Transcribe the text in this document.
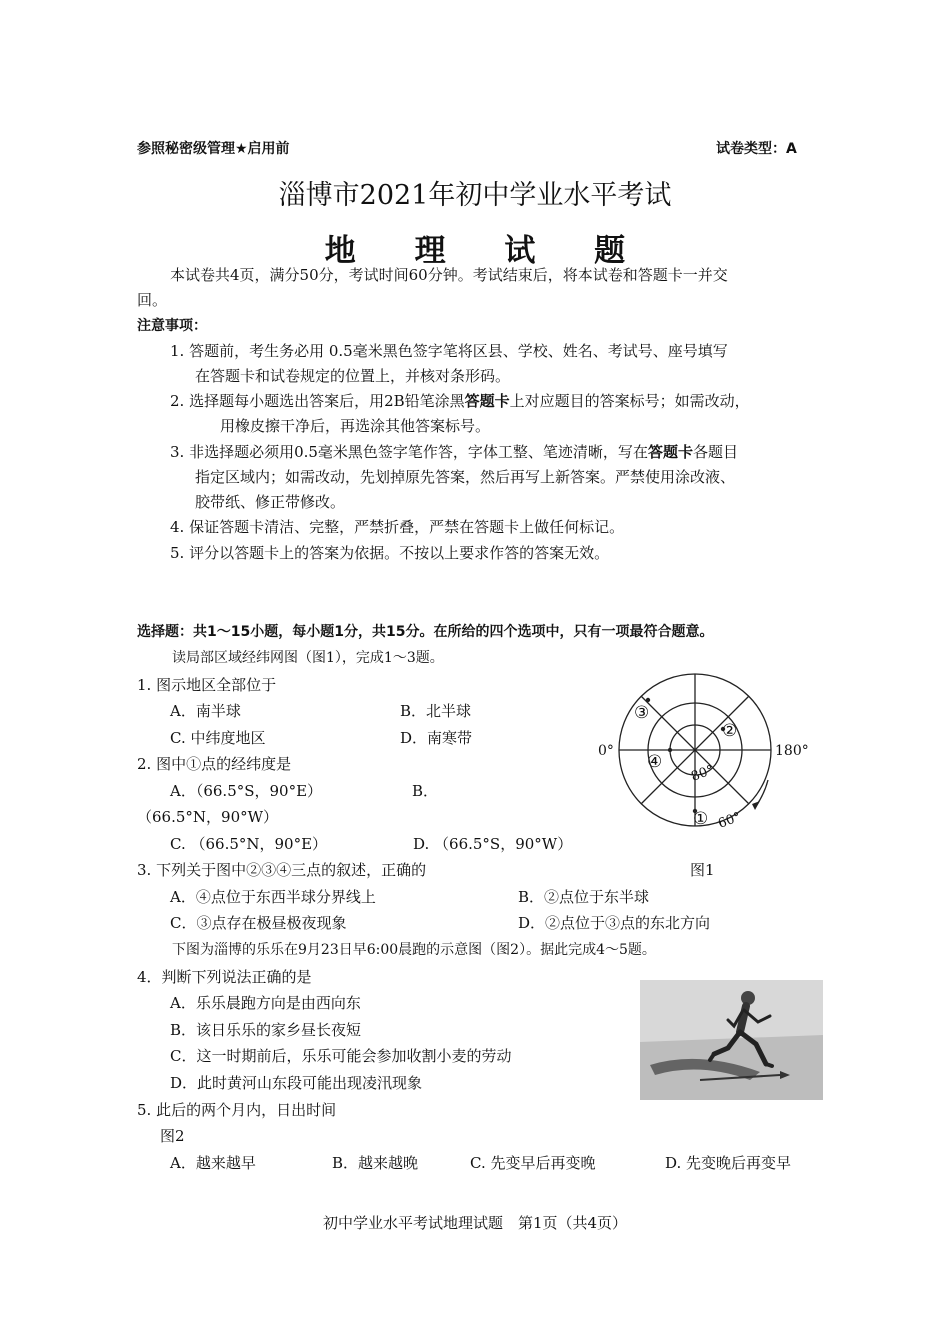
参照秘密级管理★启用前	试卷类型：A
淄博市2021年初中学业水平考试
地 理 试 题
本试卷共4页，满分50分，考试时间60分钟。考试结束后，将本试卷和答题卡一并交
回。
注意事项：
1. 答题前，考生务必用 0.5毫米黑色签字笔将区县、学校、姓名、考试号、座号填写
在答题卡和试卷规定的位置上，并核对条形码。
2. 选择题每小题选出答案后，用2B铅笔涂黑答题卡上对应题目的答案标号；如需改动，
用橡皮擦干净后，再选涂其他答案标号。
3. 非选择题必须用0.5毫米黑色签字笔作答，字体工整、笔迹清晰，写在答题卡各题目
指定区域内；如需改动，先划掉原先答案，然后再写上新答案。严禁使用涂改液、
胶带纸、修正带修改。
4. 保证答题卡清洁、完整，严禁折叠，严禁在答题卡上做任何标记。
5. 评分以答题卡上的答案为依据。不按以上要求作答的答案无效。
选择题：共1～15小题，每小题1分，共15分。在所给的四个选项中，只有一项最符合题意。
读局部区域经纬网图（图1），完成1～3题。
1. 图示地区全部位于
A．南半球	B．北半球
C. 中纬度地区	D．南寒带
2. 图中①点的经纬度是
A．（66.5°S，90°E）	B．
（66.5°N，90°W）
C. （66.5°N，90°E）	D. （66.5°S，90°W）
0°	180°
80°
60°
①
②
③
④
3. 下列关于图中②③④三点的叙述，正确的	图1
A．④点位于东西半球分界线上	B．②点位于东半球
C．③点存在极昼极夜现象	D．②点位于③点的东北方向
下图为淄博的乐乐在9月23日早6:00晨跑的示意图（图2）。据此完成4～5题。
4．判断下列说法正确的是
A．乐乐晨跑方向是由西向东
B．该日乐乐的家乡昼长夜短
C．这一时期前后，乐乐可能会参加收割小麦的劳动
D．此时黄河山东段可能出现凌汛现象
5. 此后的两个月内，日出时间
图2
A．越来越早	B．越来越晚	C. 先变早后再变晚	D. 先变晚后再变早
初中学业水平考试地理试题　第1页（共4页）
